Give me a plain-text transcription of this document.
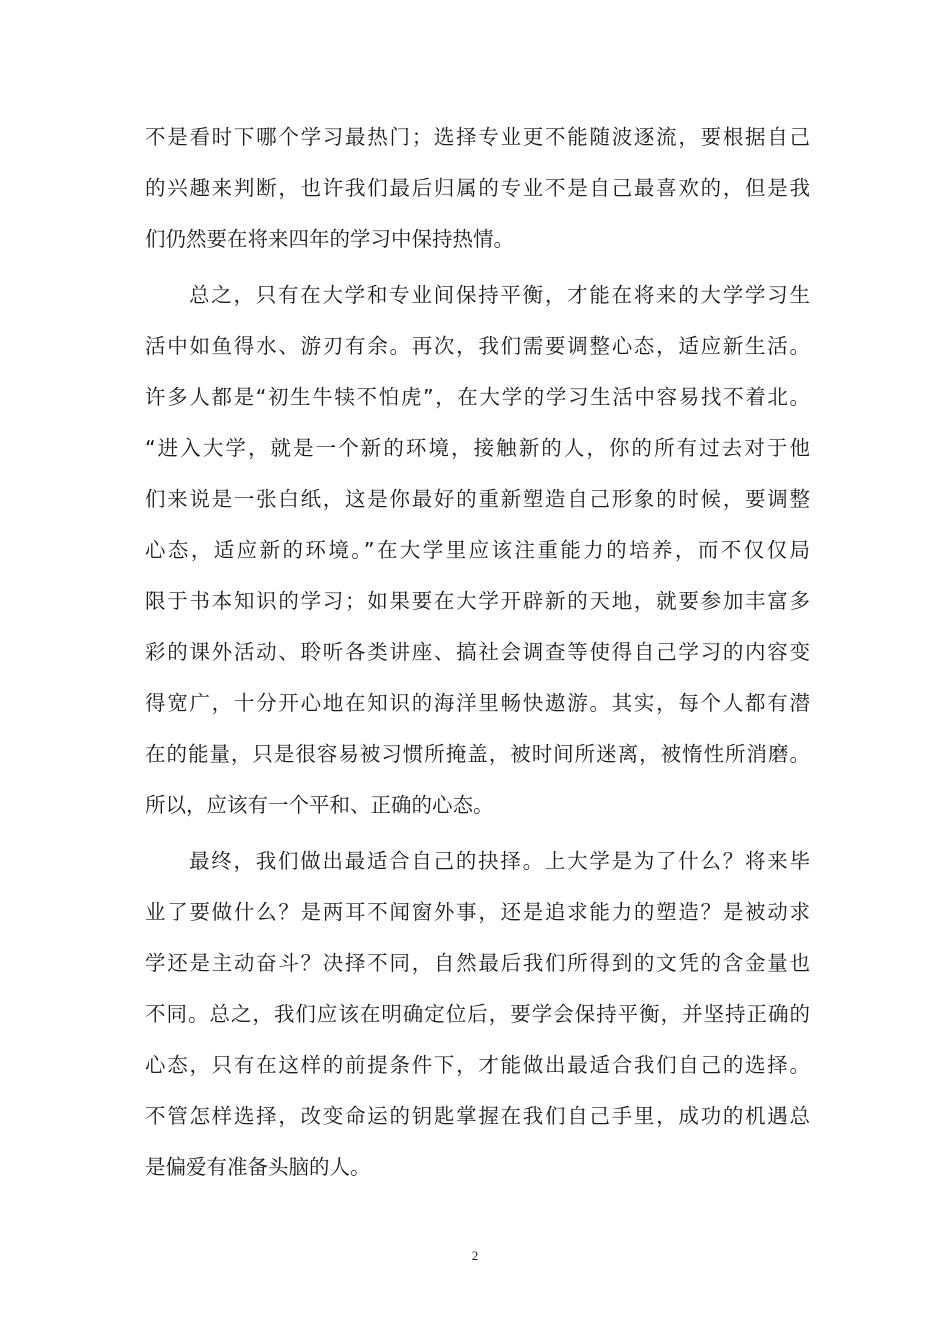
不是看时下哪个学习最热门；选择专业更不能随波逐流，要根据自己
的兴趣来判断，也许我们最后归属的专业不是自己最喜欢的，但是我
们仍然要在将来四年的学习中保持热情。
总之，只有在大学和专业间保持平衡，才能在将来的大学学习生
活中如鱼得水、游刃有余。再次，我们需要调整心态，适应新生活。
许多人都是“初生牛犊不怕虎”，在大学的学习生活中容易找不着北。
“进入大学，就是一个新的环境，接触新的人，你的所有过去对于他
们来说是一张白纸，这是你最好的重新塑造自己形象的时候，要调整
心态，适应新的环境。”在大学里应该注重能力的培养，而不仅仅局
限于书本知识的学习；如果要在大学开辟新的天地，就要参加丰富多
彩的课外活动、聆听各类讲座、搞社会调查等使得自己学习的内容变
得宽广，十分开心地在知识的海洋里畅快遨游。其实，每个人都有潜
在的能量，只是很容易被习惯所掩盖，被时间所迷离，被惰性所消磨。
所以，应该有一个平和、正确的心态。
最终，我们做出最适合自己的抉择。上大学是为了什么？将来毕
业了要做什么？是两耳不闻窗外事，还是追求能力的塑造？是被动求
学还是主动奋斗？决择不同，自然最后我们所得到的文凭的含金量也
不同。总之，我们应该在明确定位后，要学会保持平衡，并坚持正确的
心态，只有在这样的前提条件下，才能做出最适合我们自己的选择。
不管怎样选择，改变命运的钥匙掌握在我们自己手里，成功的机遇总
是偏爱有准备头脑的人。
2
